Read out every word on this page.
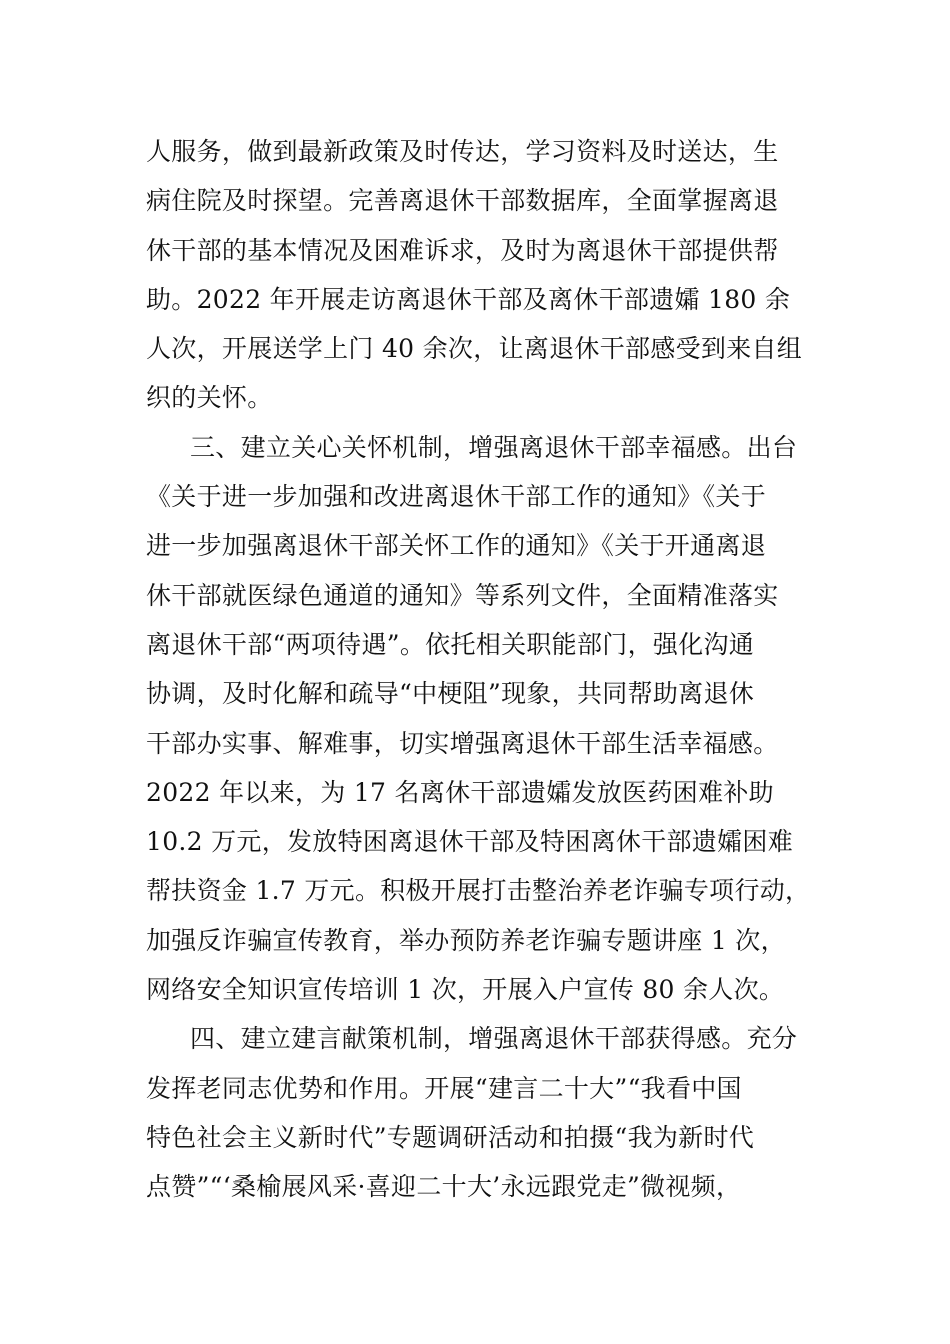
人服务，做到最新政策及时传达，学习资料及时送达，生
病住院及时探望。完善离退休干部数据库，全面掌握离退
休干部的基本情况及困难诉求，及时为离退休干部提供帮
助。2022 年开展走访离退休干部及离休干部遗孀 180 余
人次，开展送学上门 40 余次，让离退休干部感受到来自组
织的关怀。
三、建立关心关怀机制，增强离退休干部幸福感。出台
《关于进一步加强和改进离退休干部工作的通知》《关于
进一步加强离退休干部关怀工作的通知》《关于开通离退
休干部就医绿色通道的通知》等系列文件，全面精准落实
离退休干部“两项待遇”。依托相关职能部门，强化沟通
协调，及时化解和疏导“中梗阻”现象，共同帮助离退休
干部办实事、解难事，切实增强离退休干部生活幸福感。
2022 年以来，为 17 名离休干部遗孀发放医药困难补助
10.2 万元，发放特困离退休干部及特困离休干部遗孀困难
帮扶资金 1.7 万元。积极开展打击整治养老诈骗专项行动，
加强反诈骗宣传教育，举办预防养老诈骗专题讲座 1 次，
网络安全知识宣传培训 1 次，开展入户宣传 80 余人次。
四、建立建言献策机制，增强离退休干部获得感。充分
发挥老同志优势和作用。开展“建言二十大”“我看中国
特色社会主义新时代”专题调研活动和拍摄“我为新时代
点赞”“‘桑榆展风采·喜迎二十大’永远跟党走”微视频，
